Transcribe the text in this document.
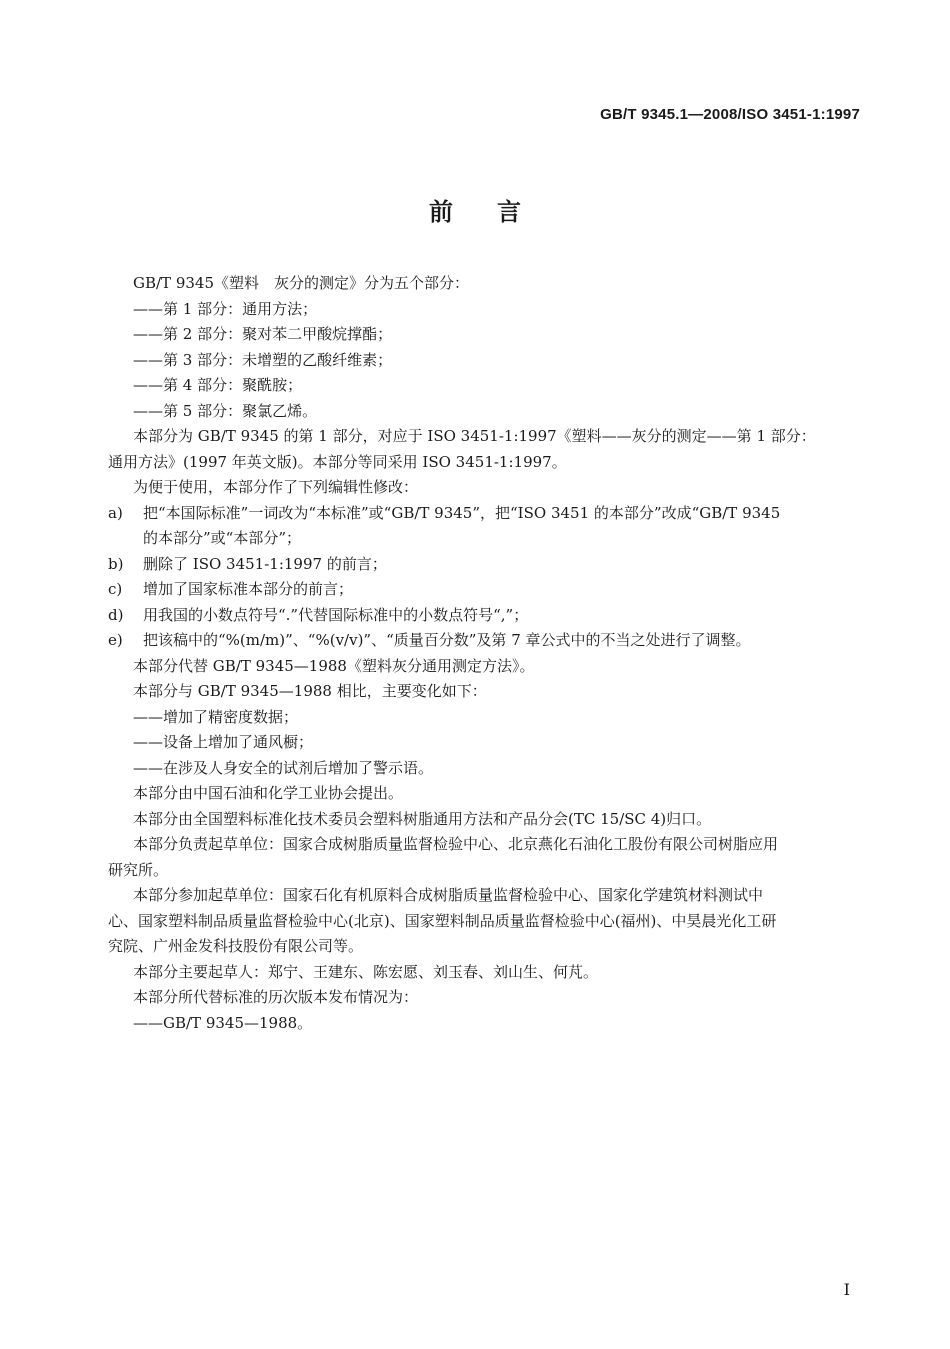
GB/T 9345.1—2008/ISO 3451-1:1997
前言

GB/T 9345《塑料　灰分的测定》分为五个部分：

——第 1 部分：通用方法；

——第 2 部分：聚对苯二甲酸烷撑酯；

——第 3 部分：未增塑的乙酸纤维素；

——第 4 部分：聚酰胺；

——第 5 部分：聚氯乙烯。

本部分为 GB/T 9345 的第 1 部分，对应于 ISO 3451-1:1997《塑料——灰分的测定——第 1 部分：

通用方法》(1997 年英文版)。本部分等同采用 ISO 3451-1:1997。

为便于使用，本部分作了下列编辑性修改：

a) 把“本国际标准”一词改为“本标准”或“GB/T 9345”，把“ISO 3451 的本部分”改成“GB/T 9345

的本部分”或“本部分”；

b) 删除了 ISO 3451-1:1997 的前言；

c) 增加了国家标准本部分的前言；

d) 用我国的小数点符号“.”代替国际标准中的小数点符号“,”；

e) 把该稿中的“%(m/m)”、“%(v/v)”、“质量百分数”及第 7 章公式中的不当之处进行了调整。

本部分代替 GB/T 9345—1988《塑料灰分通用测定方法》。

本部分与 GB/T 9345—1988 相比，主要变化如下：

——增加了精密度数据；

——设备上增加了通风橱；

——在涉及人身安全的试剂后增加了警示语。

本部分由中国石油和化学工业协会提出。

本部分由全国塑料标准化技术委员会塑料树脂通用方法和产品分会(TC 15/SC 4)归口。

本部分负责起草单位：国家合成树脂质量监督检验中心、北京燕化石油化工股份有限公司树脂应用

研究所。

本部分参加起草单位：国家石化有机原料合成树脂质量监督检验中心、国家化学建筑材料测试中

心、国家塑料制品质量监督检验中心(北京)、国家塑料制品质量监督检验中心(福州)、中昊晨光化工研

究院、广州金发科技股份有限公司等。

本部分主要起草人：郑宁、王建东、陈宏愿、刘玉春、刘山生、何芃。

本部分所代替标准的历次版本发布情况为：

——GB/T 9345—1988。

I
